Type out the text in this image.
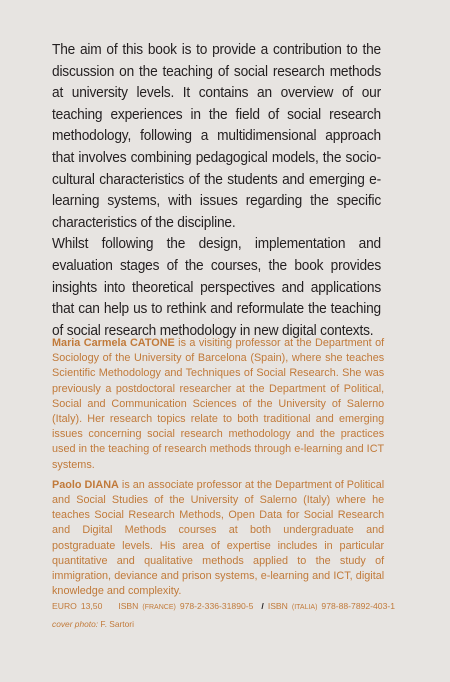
The aim of this book is to provide a contribution to the discussion on the teaching of social research methods at university levels. It contains an overview of our teaching experiences in the field of social research methodology, following a multidimensional approach that involves combining pedagogical models, the socio-cultural characteristics of the students and emerging e-learning systems, with issues regarding the specific characteristics of the discipline.

Whilst following the design, implementation and evaluation stages of the courses, the book provides insights into theoretical perspectives and applications that can help us to rethink and reformulate the teaching of social research methodology in new digital contexts.

Maria Carmela CATONE is a visiting professor at the Department of Sociology of the University of Barcelona (Spain), where she teaches Scientific Methodology and Techniques of Social Research. She was previously a postdoctoral researcher at the Department of Political, Social and Communication Sciences of the University of Salerno (Italy). Her research topics relate to both traditional and emerging issues concerning social research methodology and the practices used in the teaching of research methods through e-learning and ICT systems.

Paolo DIANA is an associate professor at the Department of Political and Social Studies of the University of Salerno (Italy) where he teaches Social Research Methods, Open Data for Social Research and Digital Methods courses at both undergraduate and postgraduate levels. His area of expertise includes in particular quantitative and qualitative methods applied to the study of immigration, deviance and prison systems, e-learning and ICT, digital knowledge and complexity.

EURO 13,50 ISBN (FRANCE) 978-2-336-31890-5 / ISBN (ITALIA) 978-88-7892-403-1
cover photo: F. Sartori
